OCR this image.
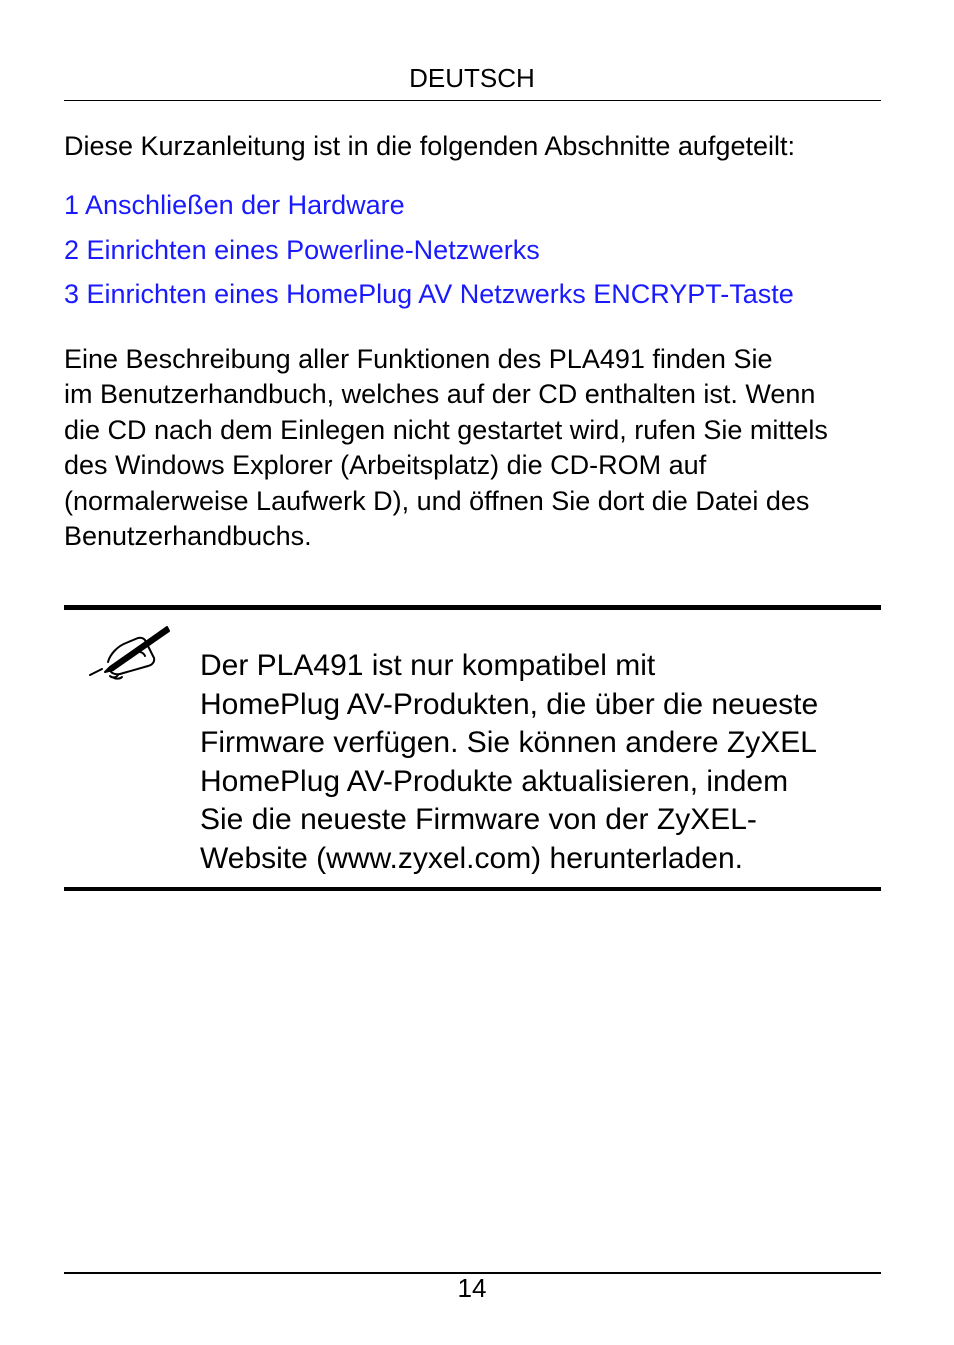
DEUTSCH
Diese Kurzanleitung ist in die folgenden Abschnitte aufgeteilt:
1 Anschließen der Hardware
2 Einrichten eines Powerline-Netzwerks
3 Einrichten eines HomePlug AV Netzwerks ENCRYPT-Taste

Eine Beschreibung aller Funktionen des PLA491 finden Sie
im Benutzerhandbuch, welches auf der CD enthalten ist. Wenn
die CD nach dem Einlegen nicht gestartet wird, rufen Sie mittels
des Windows Explorer (Arbeitsplatz) die CD-ROM auf
(normalerweise Laufwerk D), und öffnen Sie dort die Datei des
Benutzerhandbuchs.

Der PLA491 ist nur kompatibel mit
HomePlug AV-Produkten, die über die neueste
Firmware verfügen. Sie können andere ZyXEL
HomePlug AV-Produkte aktualisieren, indem
Sie die neueste Firmware von der ZyXEL-
Website (www.zyxel.com) herunterladen.

14
